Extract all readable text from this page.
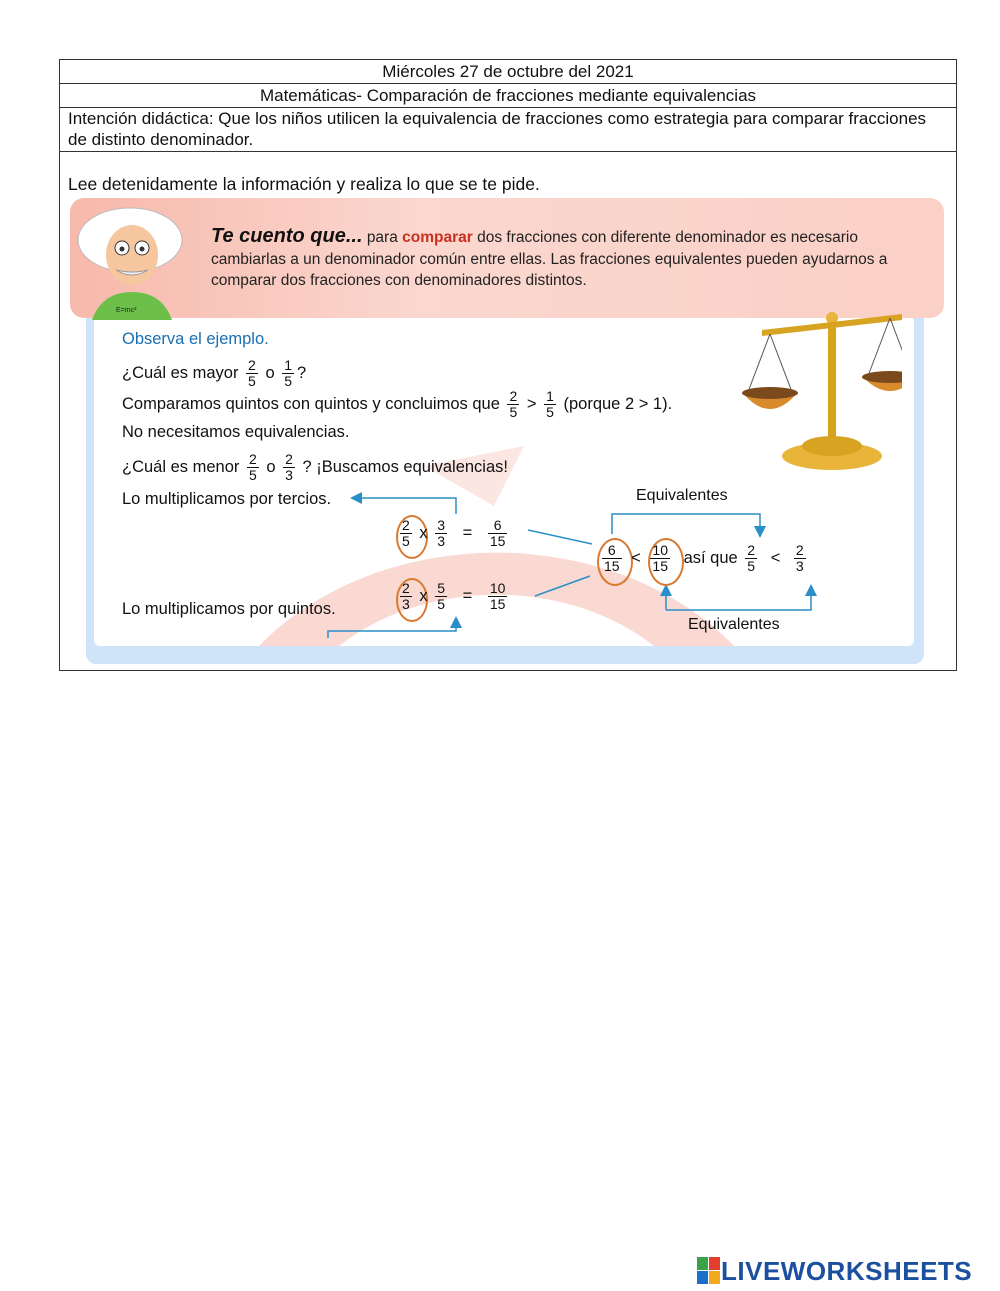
Miércoles 27 de octubre del 2021
Matemáticas- Comparación de fracciones mediante equivalencias
Intención didáctica: Que los niños utilicen la equivalencia de fracciones como estrategia para comparar fracciones de distinto denominador.
Lee detenidamente la información y realiza lo que se te pide.
E=mc²
Te cuento que... para comparar dos fracciones con diferente denominador es necesario cambiarlas a un denominador común entre ellas. Las fracciones equivalentes pueden ayudarnos a comparar dos fracciones con denominadores distintos.
Observa el ejemplo.
¿Cuál es mayor $\frac{2}{5}$ o $\frac{1}{5}$ ?
Comparamos quintos con quintos y concluimos que $\frac{2}{5} > \frac{1}{5}$ (porque 2 > 1).
No necesitamos equivalencias.
¿Cuál es menor $\frac{2}{5}$ o $\frac{2}{3}$ ? ¡Buscamos equivalencias!
Lo multiplicamos por tercios.
Lo multiplicamos por quintos.
$\frac{2}{5}$ x $\frac{3}{3} = \frac{6}{15}$
$\frac{2}{3}$ x $\frac{5}{5} = \frac{10}{15}$
Equivalentes
$\frac{6}{15} < \frac{10}{15}$ así que $\frac{2}{5} < \frac{2}{3}$
Equivalentes
LIVEWORKSHEETS
